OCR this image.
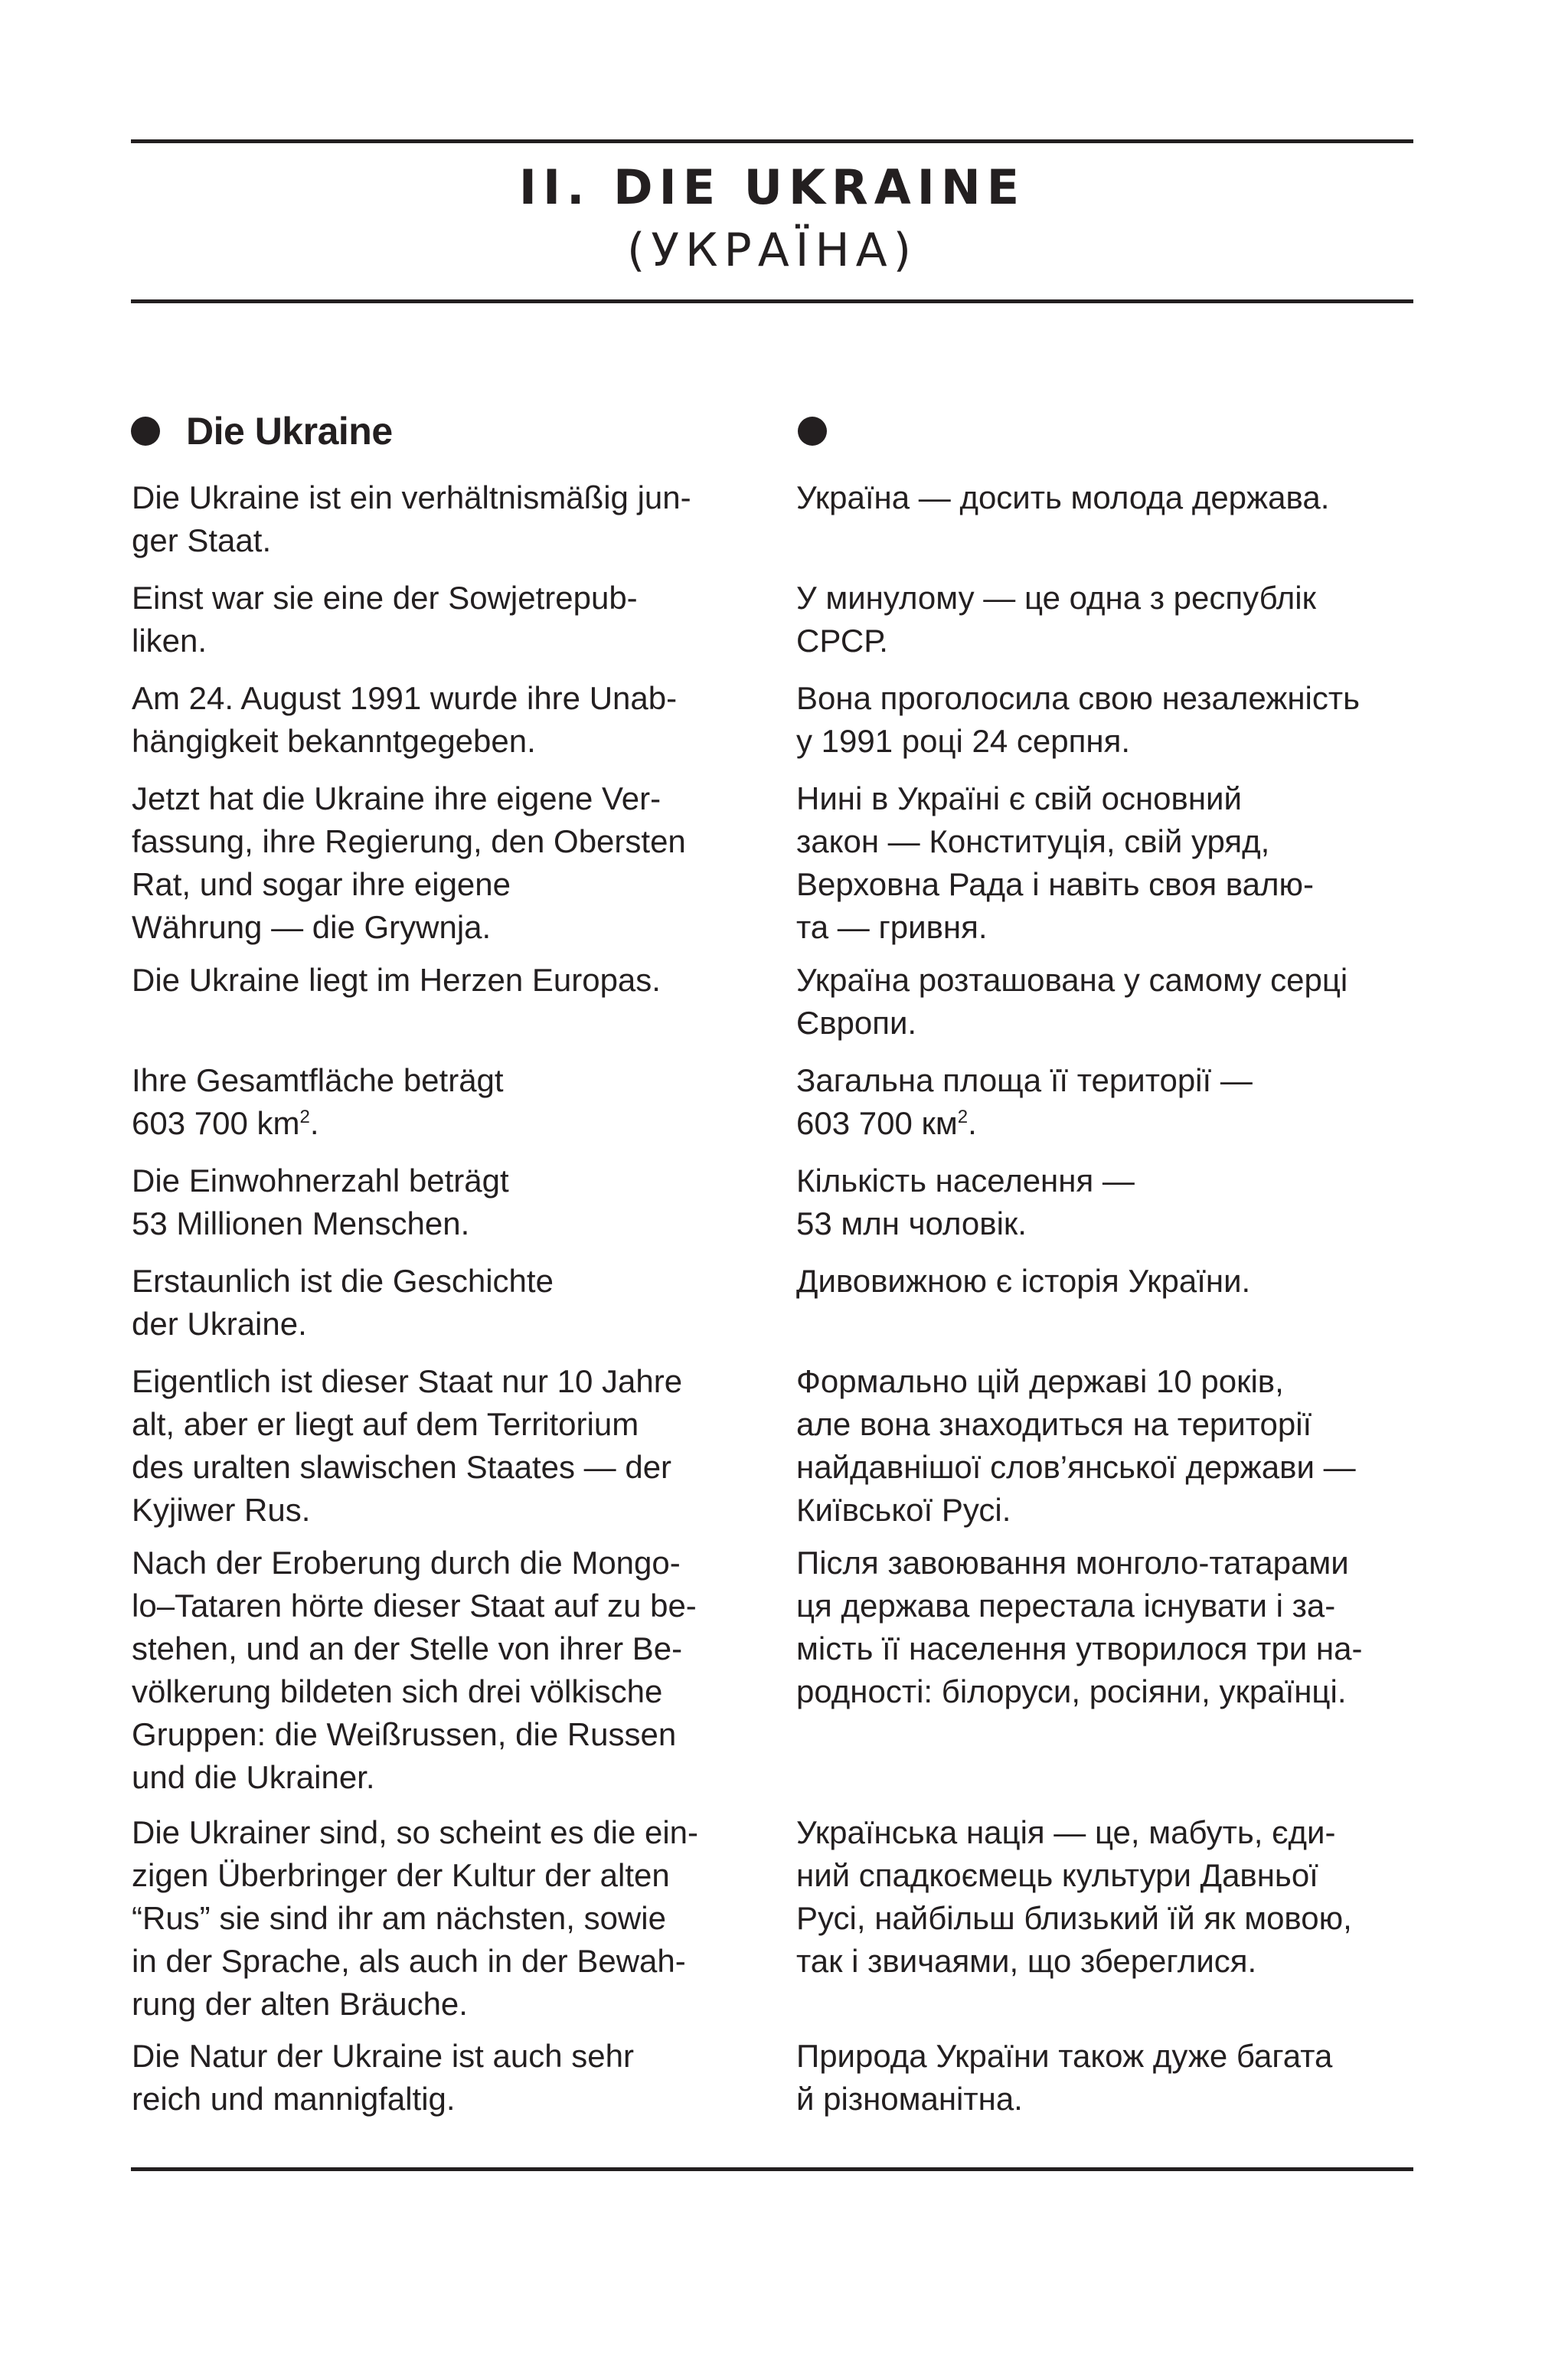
II. DIE UKRAINE
(УКРАЇНА)
Die Ukraine

Die Ukraine ist ein verhältnismäßig jun-
ger Staat.

Einst war sie eine der Sowjetrepub-
liken.

Am 24. August 1991 wurde ihre Unab-
hängigkeit bekanntgegeben.

Jetzt hat die Ukraine ihre eigene Ver-
fassung, ihre Regierung, den Obersten
Rat, und sogar ihre eigene
Währung — die Grywnja.

Die Ukraine liegt im Herzen Europas.

Ihre Gesamtfläche beträgt
603 700 $km^2$.

Die Einwohnerzahl beträgt
53 Millionen Menschen.

Erstaunlich ist die Geschichte
der Ukraine.

Eigentlich ist dieser Staat nur 10 Jahre
alt, aber er liegt auf dem Territorium
des uralten slawischen Staates — der
Kyjiwer Rus.

Nach der Eroberung durch die Mongo-
lo–Tataren hörte dieser Staat auf zu be-
stehen, und an der Stelle von ihrer Be-
völkerung bildeten sich drei völkische
Gruppen: die Weißrussen, die Russen
und die Ukrainer.

Die Ukrainer sind, so scheint es die ein-
zigen Überbringer der Kultur der alten
“Rus” sie sind ihr am nächsten, sowie
in der Sprache, als auch in der Bewah-
rung der alten Bräuche.

Die Natur der Ukraine ist auch sehr
reich und mannigfaltig.

Україна — досить молода держава.

У минулому — це одна з республік
СРСР.

Вона проголосила свою незалежність
у 1991 році 24 серпня.

Нині в Україні є свій основний
закон — Конституція, свій уряд,
Верховна Рада і навіть своя валю-
та — гривня.

Україна розташована у самому серці
Європи.

Загальна площа її території —
603 700 $км^2$.

Кількість населення —
53 млн чоловік.

Дивовижною є історія України.

Формально цій державі 10 років,
але вона знаходиться на території
найдавнішої слов’янської держави —
Київської Русі.

Після завоювання монголо-татарами
ця держава перестала існувати і за-
мість її населення утворилося три на-
родності: білоруси, росіяни, українці.

Українська нація — це, мабуть, єди-
ний спадкоємець культури Давньої
Русі, найбільш близький їй як мовою,
так і звичаями, що збереглися.

Природа України також дуже багата
й різноманітна.
